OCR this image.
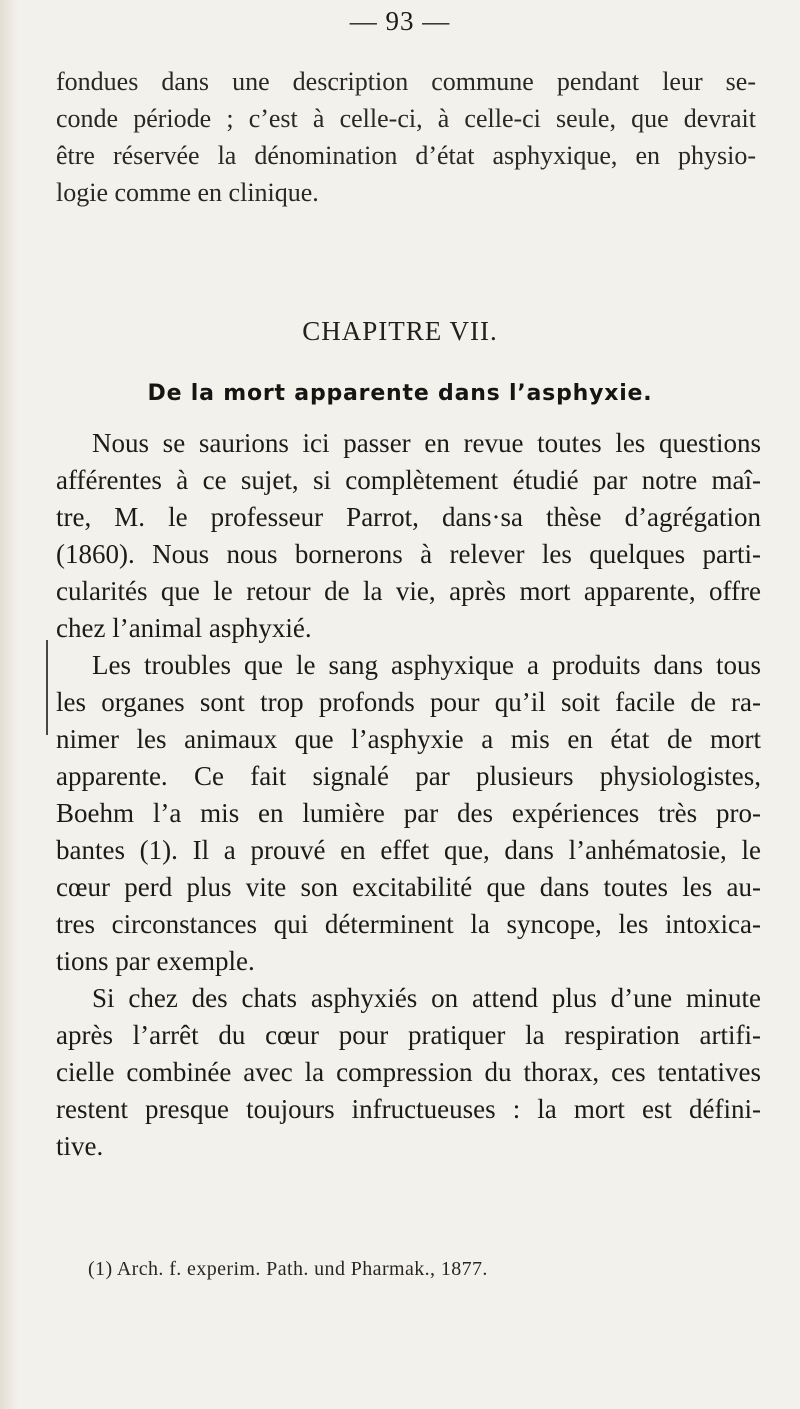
— 93 —
fondues dans une description commune pendant leur se-
conde période ; c’est à celle-ci, à celle-ci seule, que devrait
être réservée la dénomination d’état asphyxique, en physio-
logie comme en clinique.
CHAPITRE VII.
De la mort apparente dans l’asphyxie.
Nous se saurions ici passer en revue toutes les questions
afférentes à ce sujet, si complètement étudié par notre maî-
tre, M. le professeur Parrot, dans·sa thèse d’agrégation
(1860). Nous nous bornerons à relever les quelques parti-
cularités que le retour de la vie, après mort apparente, offre
chez l’animal asphyxié.
Les troubles que le sang asphyxique a produits dans tous
les organes sont trop profonds pour qu’il soit facile de ra-
nimer les animaux que l’asphyxie a mis en état de mort
apparente. Ce fait signalé par plusieurs physiologistes,
Boehm l’a mis en lumière par des expériences très pro-
bantes (1). Il a prouvé en effet que, dans l’anhématosie, le
cœur perd plus vite son excitabilité que dans toutes les au-
tres circonstances qui déterminent la syncope, les intoxica-
tions par exemple.
Si chez des chats asphyxiés on attend plus d’une minute
après l’arrêt du cœur pour pratiquer la respiration artifi-
cielle combinée avec la compression du thorax, ces tentatives
restent presque toujours infructueuses : la mort est défini-
tive.
(1) Arch. f. experim. Path. und Pharmak., 1877.
